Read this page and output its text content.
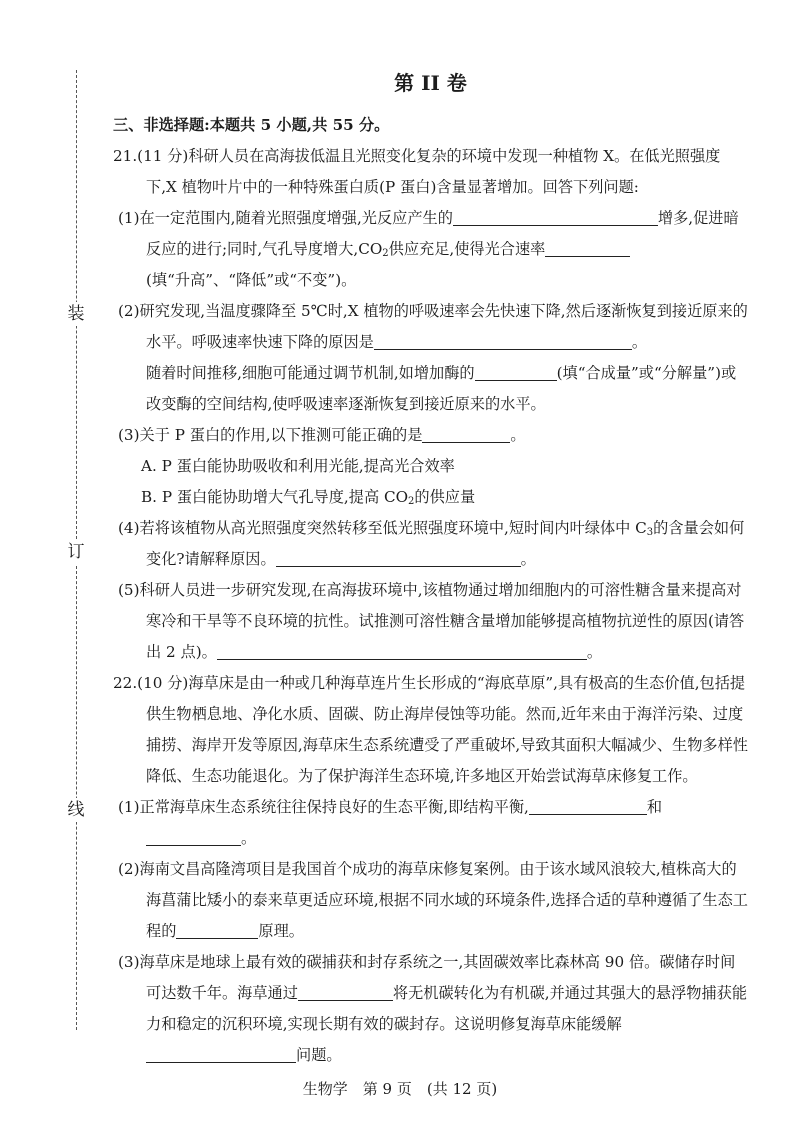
装
订
线
第 II 卷
三、非选择题:本题共 5 小题,共 55 分。
21.(11 分)科研人员在高海拔低温且光照变化复杂的环境中发现一种植物 X。在低光照强度下,X 植物叶片中的一种特殊蛋白质(P 蛋白)含量显著增加。回答下列问题:
(1)在一定范围内,随着光照强度增强,光反应产生的	增多,促进暗反应的进行;同时,气孔导度增大$,CO_2$供应充足,使得光合速率
(填“升高”、“降低”或“不变”)。
(2)研究发现,当温度骤降至 5℃时,X 植物的呼吸速率会先快速下降,然后逐渐恢复到接近原来的水平。呼吸速率快速下降的原因是	。
随着时间推移,细胞可能通过调节机制,如增加酶的	(填“合成量”或“分解量”)或改变酶的空间结构,使呼吸速率逐渐恢复到接近原来的水平。
(3)关于 P 蛋白的作用,以下推测可能正确的是	。
A. P 蛋白能协助吸收和利用光能,提高光合效率
B. P 蛋白能协助增大气孔导度,提高 $CO_2$的供应量
(4)若将该植物从高光照强度突然转移至低光照强度环境中,短时间内叶绿体中 $C_3$的含量会如何变化?请解释原因。	。
(5)科研人员进一步研究发现,在高海拔环境中,该植物通过增加细胞内的可溶性糖含量来提高对寒冷和干旱等不良环境的抗性。试推测可溶性糖含量增加能够提高植物抗逆性的原因(请答出 2 点)。	。
22.(10 分)海草床是由一种或几种海草连片生长形成的“海底草原”,具有极高的生态价值,包括提供生物栖息地、净化水质、固碳、防止海岸侵蚀等功能。然而,近年来由于海洋污染、过度捕捞、海岸开发等原因,海草床生态系统遭受了严重破坏,导致其面积大幅减少、生物多样性降低、生态功能退化。为了保护海洋生态环境,许多地区开始尝试海草床修复工作。
(1)正常海草床生态系统往往保持良好的生态平衡,即结构平衡,	和
。
(2)海南文昌高隆湾项目是我国首个成功的海草床修复案例。由于该水域风浪较大,植株高大的海菖蒲比矮小的泰来草更适应环境,根据不同水域的环境条件,选择合适的草种遵循了生态工程的	原理。
(3)海草床是地球上最有效的碳捕获和封存系统之一,其固碳效率比森林高 90 倍。碳储存时间可达数千年。海草通过	将无机碳转化为有机碳,并通过其强大的悬浮物捕获能力和稳定的沉积环境,实现长期有效的碳封存。这说明修复海草床能缓解问题。
生物学　第 9 页　(共 12 页)
